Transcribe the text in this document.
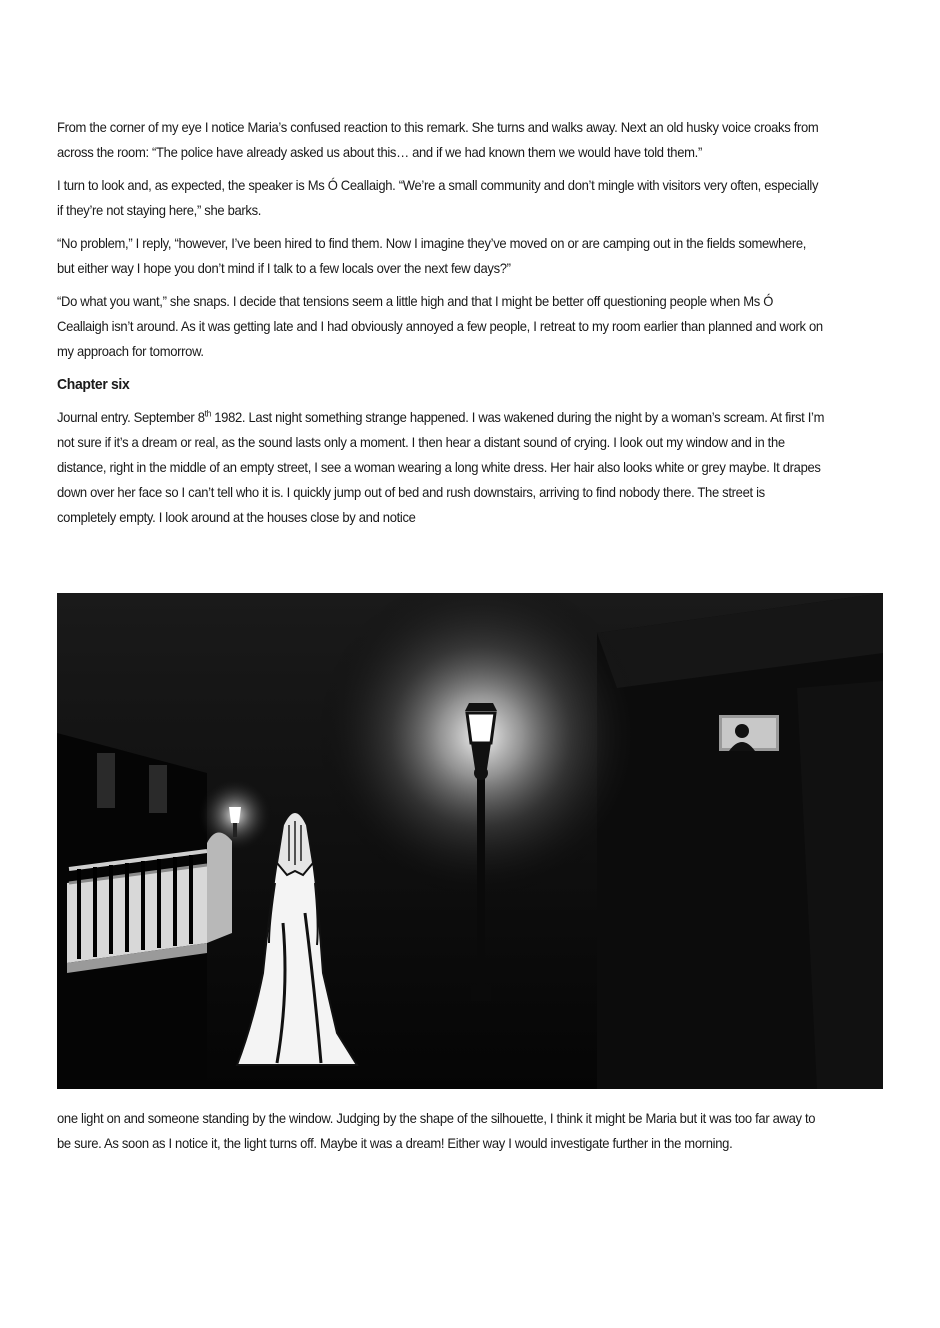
From the corner of my eye I notice Maria’s confused reaction to this remark. She turns and walks away. Next an old husky voice croaks from across the room: “The police have already asked us about this… and if we had known them we would have told them.”

I turn to look and, as expected, the speaker is Ms Ó Ceallaigh. “We’re a small community and don’t mingle with visitors very often, especially if they’re not staying here,” she barks.

“No problem,” I reply, “however, I’ve been hired to find them. Now I imagine they’ve moved on or are camping out in the fields somewhere, but either way I hope you don’t mind if I talk to a few locals over the next few days?”

“Do what you want,” she snaps. I decide that tensions seem a little high and that I might be better off questioning people when Ms Ó Ceallaigh isn’t around. As it was getting late and I had obviously annoyed a few people, I retreat to my room earlier than planned and work on my approach for tomorrow.

Chapter six

Journal entry. September 8th 1982. Last night something strange happened. I was wakened during the night by a woman’s scream. At first I’m not sure if it’s a dream or real, as the sound lasts only a moment. I then hear a distant sound of crying. I look out my window and in the distance, right in the middle of an empty street, I see a woman wearing a long white dress. Her hair also looks white or grey maybe. It drapes down over her face so I can’t tell who it is. I quickly jump out of bed and rush downstairs, arriving to find nobody there. The street is completely empty. I look around at the houses close by and notice

one light on and someone standing by the window. Judging by the shape of the silhouette, I think it might be Maria but it was too far away to be sure. As soon as I notice it, the light turns off. Maybe it was a dream! Either way I would investigate further in the morning.
